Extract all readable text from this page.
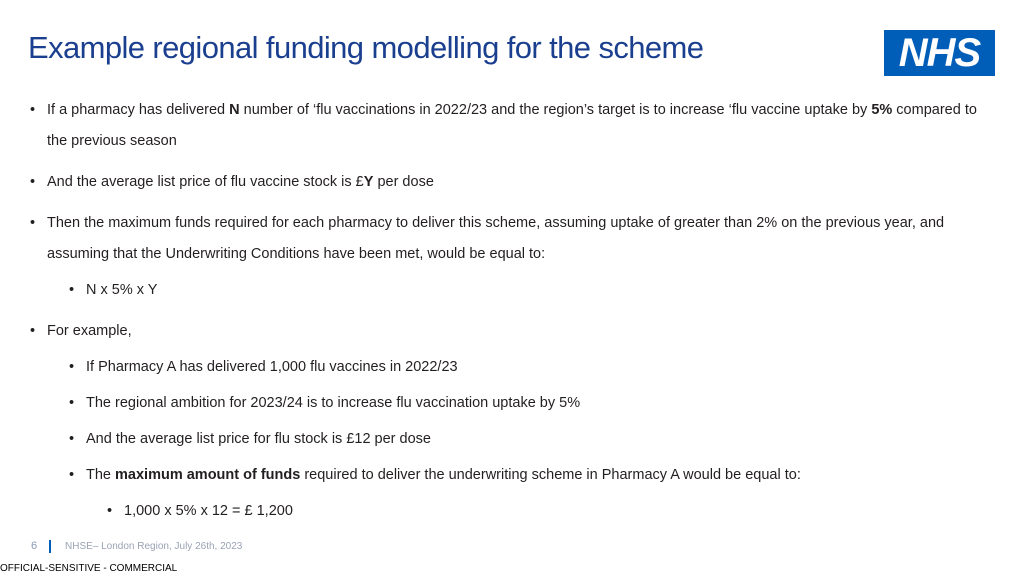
Example regional funding modelling for the scheme	NHS

• If a pharmacy has delivered N number of ‘flu vaccinations in 2022/23 and the region’s target is to increase ‘flu vaccine uptake by 5% compared to the previous season

• And the average list price of flu vaccine stock is £Y per dose

• Then the maximum funds required for each pharmacy to deliver this scheme, assuming uptake of greater than 2% on the previous year, and assuming that the Underwriting Conditions have been met, would be equal to:

• N x 5% x Y

• For example,

• If Pharmacy A has delivered 1,000 flu vaccines in 2022/23

• The regional ambition for 2023/24 is to increase flu vaccination uptake by 5%

• And the average list price for flu stock is £12 per dose

• The maximum amount of funds required to deliver the underwriting scheme in Pharmacy A would be equal to:

• 1,000 x 5% x 12 = £ 1,200

6	NHSE– London Region, July 26th, 2023
OFFICIAL-SENSITIVE - COMMERCIAL
